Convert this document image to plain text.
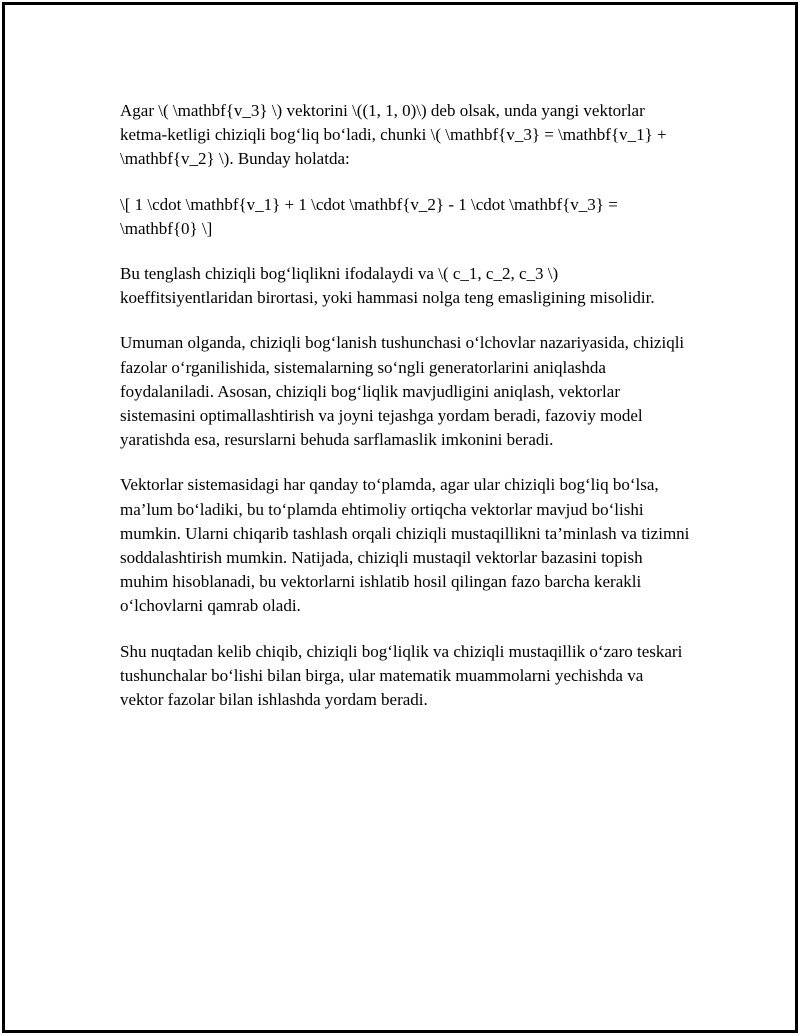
Agar \( \mathbf{v_3} \) vektorini \((1, 1, 0)\) deb olsak, unda yangi vektorlar ketma-ketligi chiziqli bog‘liq bo‘ladi, chunki \( \mathbf{v_3} = \mathbf{v_1} + \mathbf{v_2} \). Bunday holatda:

\[ 1 \cdot \mathbf{v_1} + 1 \cdot \mathbf{v_2} - 1 \cdot \mathbf{v_3} = \mathbf{0} \]

Bu tenglash chiziqli bog‘liqlikni ifodalaydi va \( c_1, c_2, c_3 \) koeffitsiyentlaridan birortasi, yoki hammasi nolga teng emasligining misolidir.

Umuman olganda, chiziqli bog‘lanish tushunchasi o‘lchovlar nazariyasida, chiziqli fazolar o‘rganilishida, sistemalarning so‘ngli generatorlarini aniqlashda foydalaniladi. Asosan, chiziqli bog‘liqlik mavjudligini aniqlash, vektorlar sistemasini optimallashtirish va joyni tejashga yordam beradi, fazoviy model yaratishda esa, resurslarni behuda sarflamaslik imkonini beradi.

Vektorlar sistemasidagi har qanday to‘plamda, agar ular chiziqli bog‘liq bo‘lsa, ma’lum bo‘ladiki, bu to‘plamda ehtimoliy ortiqcha vektorlar mavjud bo‘lishi mumkin. Ularni chiqarib tashlash orqali chiziqli mustaqillikni ta’minlash va tizimni soddalashtirish mumkin. Natijada, chiziqli mustaqil vektorlar bazasini topish muhim hisoblanadi, bu vektorlarni ishlatib hosil qilingan fazo barcha kerakli o‘lchovlarni qamrab oladi.

Shu nuqtadan kelib chiqib, chiziqli bog‘liqlik va chiziqli mustaqillik o‘zaro teskari tushunchalar bo‘lishi bilan birga, ular matematik muammolarni yechishda va vektor fazolar bilan ishlashda yordam beradi.
